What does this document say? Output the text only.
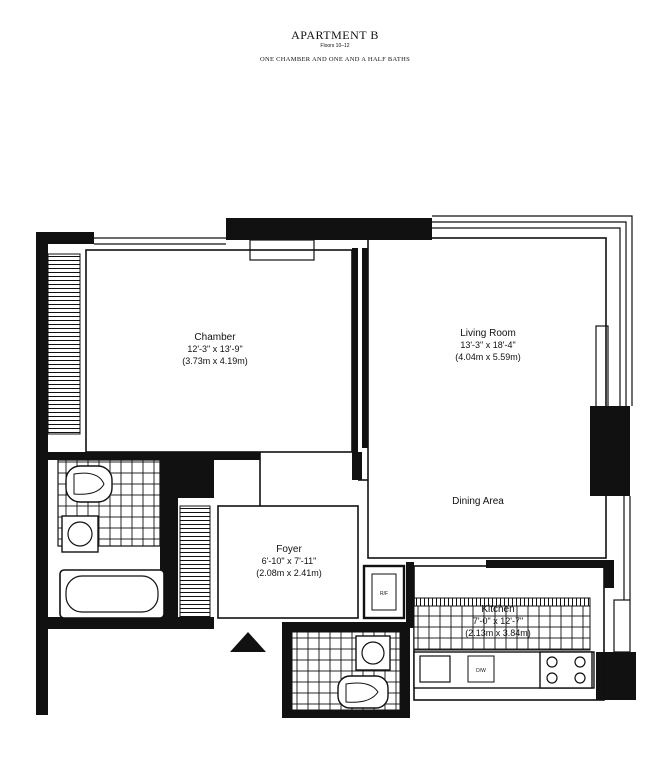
APARTMENT B
Floors 10–12
ONE CHAMBER AND ONE AND A HALF BATHS
Chamber
12'-3" x 13'-9"
(3.73m x 4.19m)
Living Room
13'-3" x 18'-4"
(4.04m x 5.59m)
Dining Area
Foyer
6'-10" x 7'-11"
(2.08m x 2.41m)
Kitchen
7'-0" x 12'-7"
(2.13m x 3.84m)
R/F
D/W
